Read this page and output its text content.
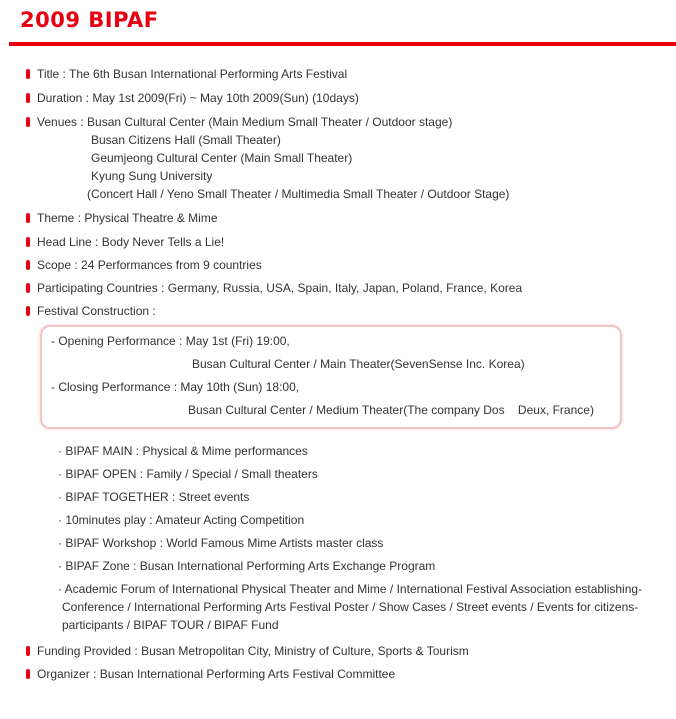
2009 BIPAF
Title : The 6th Busan International Performing Arts Festival
Duration : May 1st 2009(Fri) ~ May 10th 2009(Sun) (10days)
Venues : Busan Cultural Center (Main Medium Small Theater / Outdoor stage)
Busan Citizens Hall (Small Theater)
Geumjeong Cultural Center (Main Small Theater)
Kyung Sung University
(Concert Hall / Yeno Small Theater / Multimedia Small Theater / Outdoor Stage)
Theme : Physical Theatre & Mime
Head Line : Body Never Tells a Lie!
Scope : 24 Performances from 9 countries
Participating Countries : Germany, Russia, USA, Spain, Italy, Japan, Poland, France, Korea
Festival Construction :
- Opening Performance : May 1st (Fri) 19:00,
Busan Cultural Center / Main Theater(SevenSense Inc. Korea)
- Closing Performance : May 10th (Sun) 18:00,
Busan Cultural Center / Medium Theater(The company Dos    Deux, France)
· BIPAF MAIN : Physical & Mime performances
· BIPAF OPEN : Family / Special / Small theaters
· BIPAF TOGETHER : Street events
· 10minutes play : Amateur Acting Competition
· BIPAF Workshop : World Famous Mime Artists master class
· BIPAF Zone : Busan International Performing Arts Exchange Program
· Academic Forum of International Physical Theater and Mime / International Festival Association establishing-
Conference / International Performing Arts Festival Poster / Show Cases / Street events / Events for citizens-
participants / BIPAF TOUR / BIPAF Fund
Funding Provided : Busan Metropolitan City, Ministry of Culture, Sports & Tourism
Organizer : Busan International Performing Arts Festival Committee
